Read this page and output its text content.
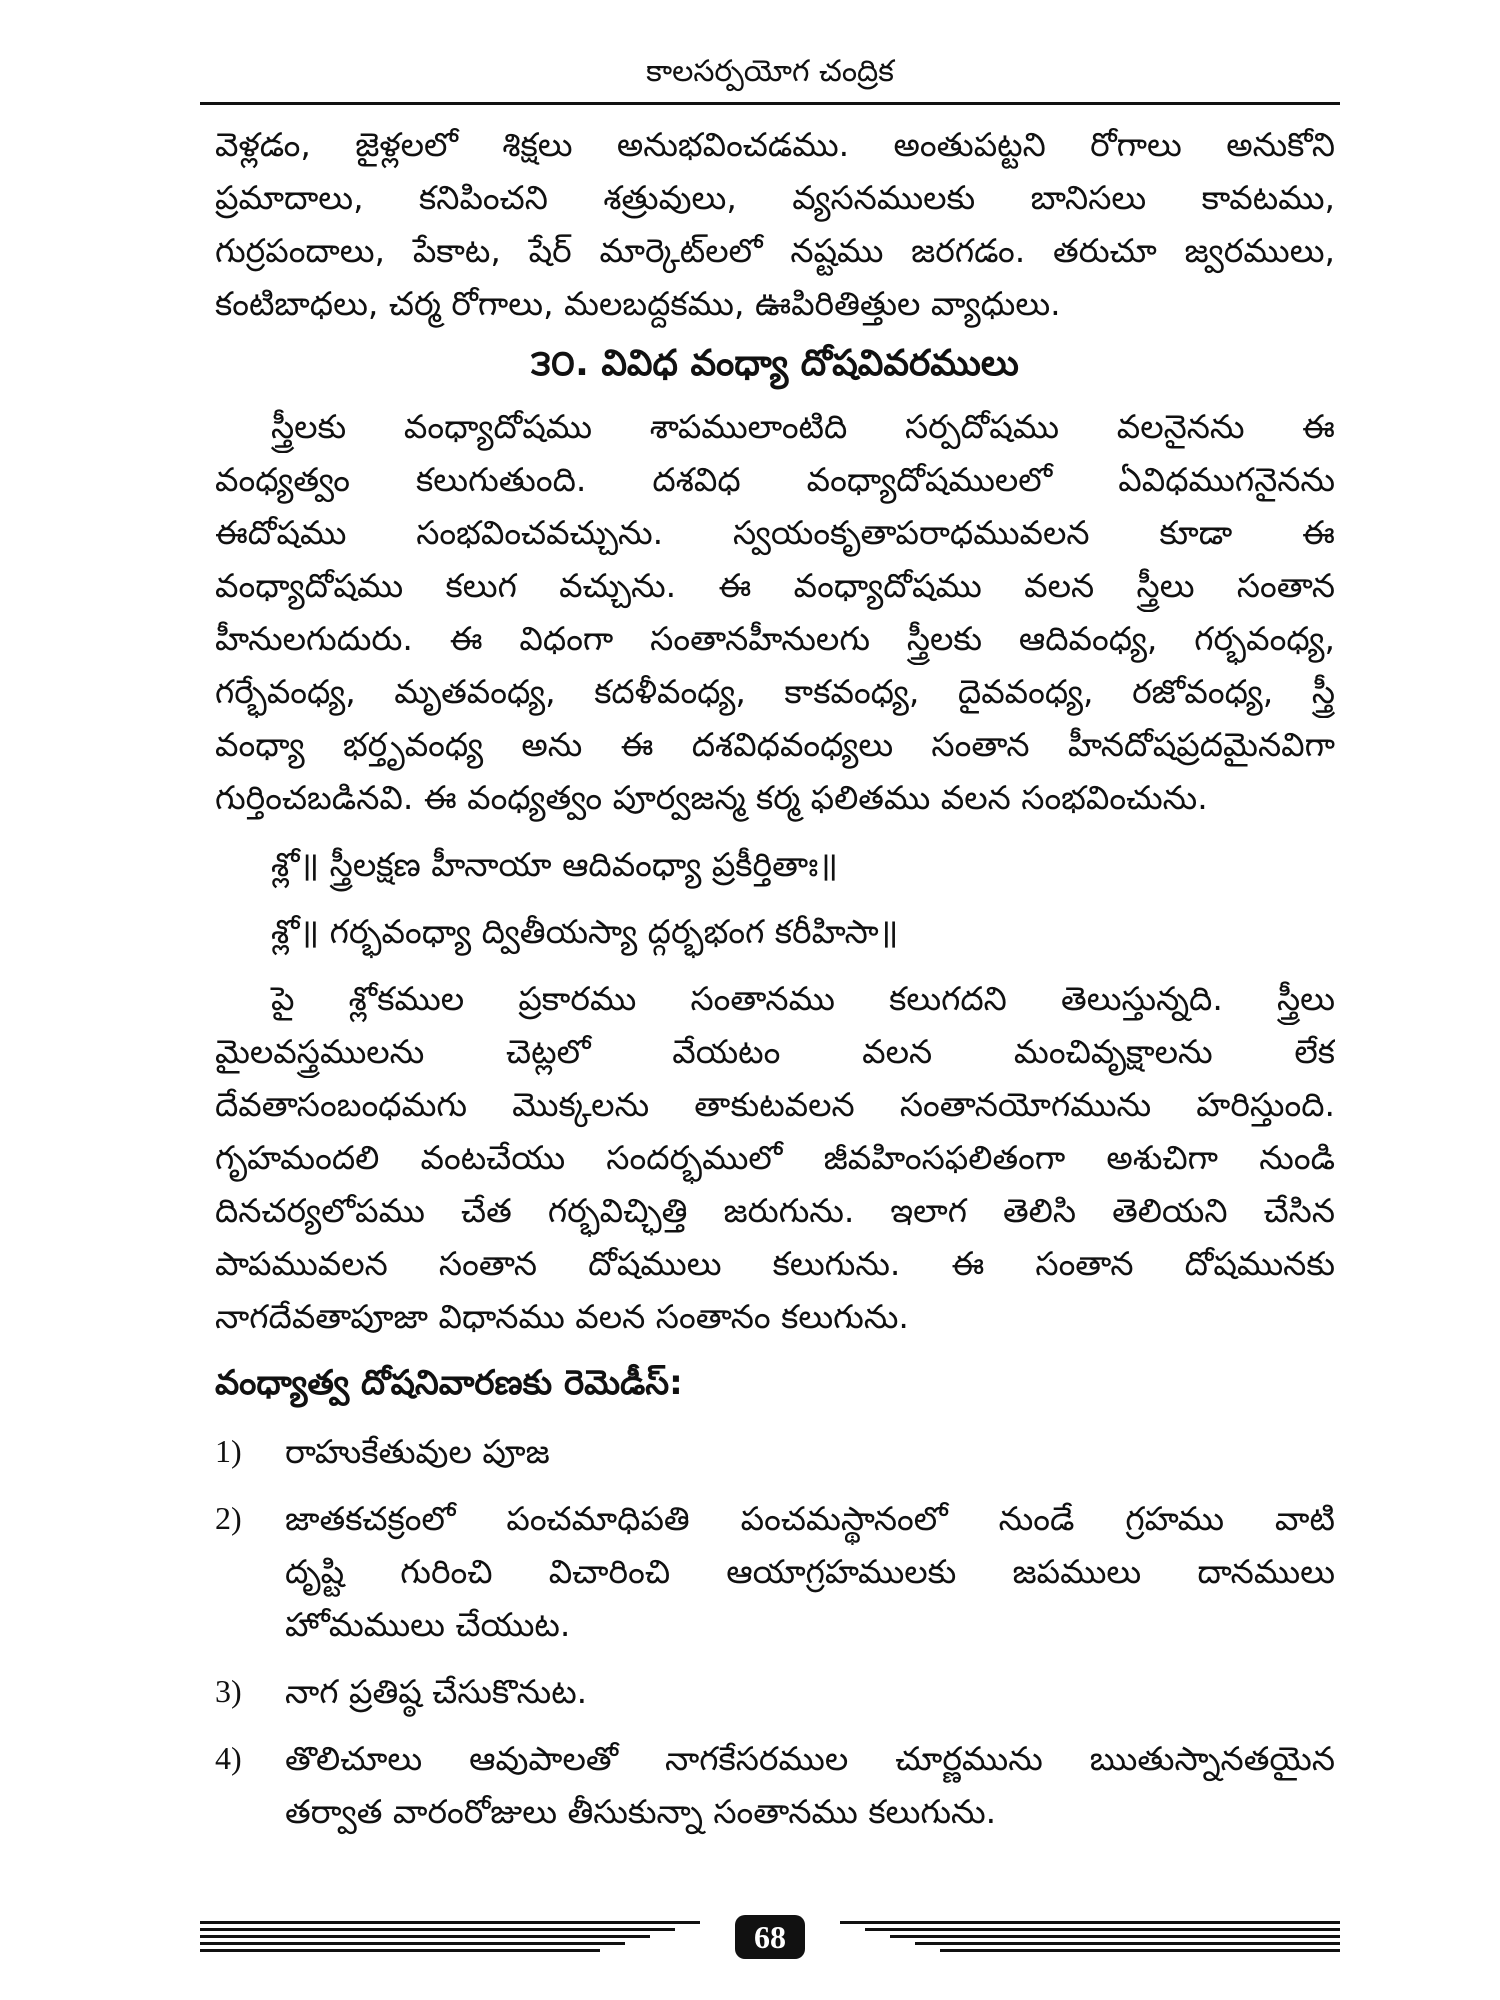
కాలసర్పయోగ చంద్రిక
వెళ్లడం, జైళ్లలలో శిక్షలు అనుభవించడము. అంతుపట్టని రోగాలు అనుకోని
ప్రమాదాలు, కనిపించని శత్రువులు, వ్యసనములకు బానిసలు కావటము,
గుర్రపందాలు, పేకాట, షేర్ మార్కెట్‌లలో నష్టము జరగడం. తరుచూ జ్వరములు,
కంటిబాధలు, చర్మ రోగాలు, మలబద్దకము, ఊపిరితిత్తుల వ్యాధులు.
౩౦. వివిధ వంధ్యా దోషవివరములు
స్త్రీలకు వంధ్యాదోషము శాపములాంటిది సర్పదోషము వలనైనను ఈ
వంధ్యత్వం కలుగుతుంది. దశవిధ వంధ్యాదోషములలో ఏవిధముగనైనను
ఈదోషము సంభవించవచ్చును. స్వయంకృతాపరాధమువలన కూడా ఈ
వంధ్యాదోషము కలుగ వచ్చును. ఈ వంధ్యాదోషము వలన స్త్రీలు సంతాన
హీనులగుదురు. ఈ విధంగా సంతానహీనులగు స్త్రీలకు ఆదివంధ్య, గర్భవంధ్య,
గర్భేవంధ్య, మృతవంధ్య, కదళీవంధ్య, కాకవంధ్య, దైవవంధ్య, రజోవంధ్య, స్త్రీ
వంధ్యా భర్తృవంధ్య అను ఈ దశవిధవంధ్యలు సంతాన హీనదోషప్రదమైనవిగా
గుర్తించబడినవి. ఈ వంధ్యత్వం పూర్వజన్మ కర్మ ఫలితము వలన సంభవించును.
శ్లో॥ స్త్రీలక్షణ హీనాయా ఆదివంధ్యా ప్రకీర్తితాః॥
శ్లో॥ గర్భవంధ్యా ద్వితీయస్యా ద్గర్భభంగ కరీహిసా॥
పై శ్లోకముల ప్రకారము సంతానము కలుగదని తెలుస్తున్నది. స్త్రీలు
మైలవస్త్రములను చెట్లలో వేయటం వలన మంచివృక్షాలను లేక
దేవతాసంబంధమగు మొక్కలను తాకుటవలన సంతానయోగమును హరిస్తుంది.
గృహమందలి వంటచేయు సందర్భములో జీవహింసఫలితంగా అశుచిగా నుండి
దినచర్యలోపము చేత గర్భవిచ్ఛిత్తి జరుగును. ఇలాగ తెలిసి తెలియని చేసిన
పాపమువలన సంతాన దోషములు కలుగును. ఈ సంతాన దోషమునకు
నాగదేవతాపూజా విధానము వలన సంతానం కలుగును.
వంధ్యాత్వ దోషనివారణకు రెమెడీస్:
1)	రాహుకేతువుల పూజ
2)	జాతకచక్రంలో పంచమాధిపతి పంచమస్థానంలో నుండే గ్రహము వాటి
దృష్టి గురించి విచారించి ఆయాగ్రహములకు జపములు దానములు
హోమములు చేయుట.
3)	నాగ ప్రతిష్ఠ చేసుకొనుట.
4)	తొలిచూలు ఆవుపాలతో నాగకేసరముల చూర్ణమును ఋతుస్నానతయైన
తర్వాత వారంరోజులు తీసుకున్నా సంతానము కలుగును.
68
